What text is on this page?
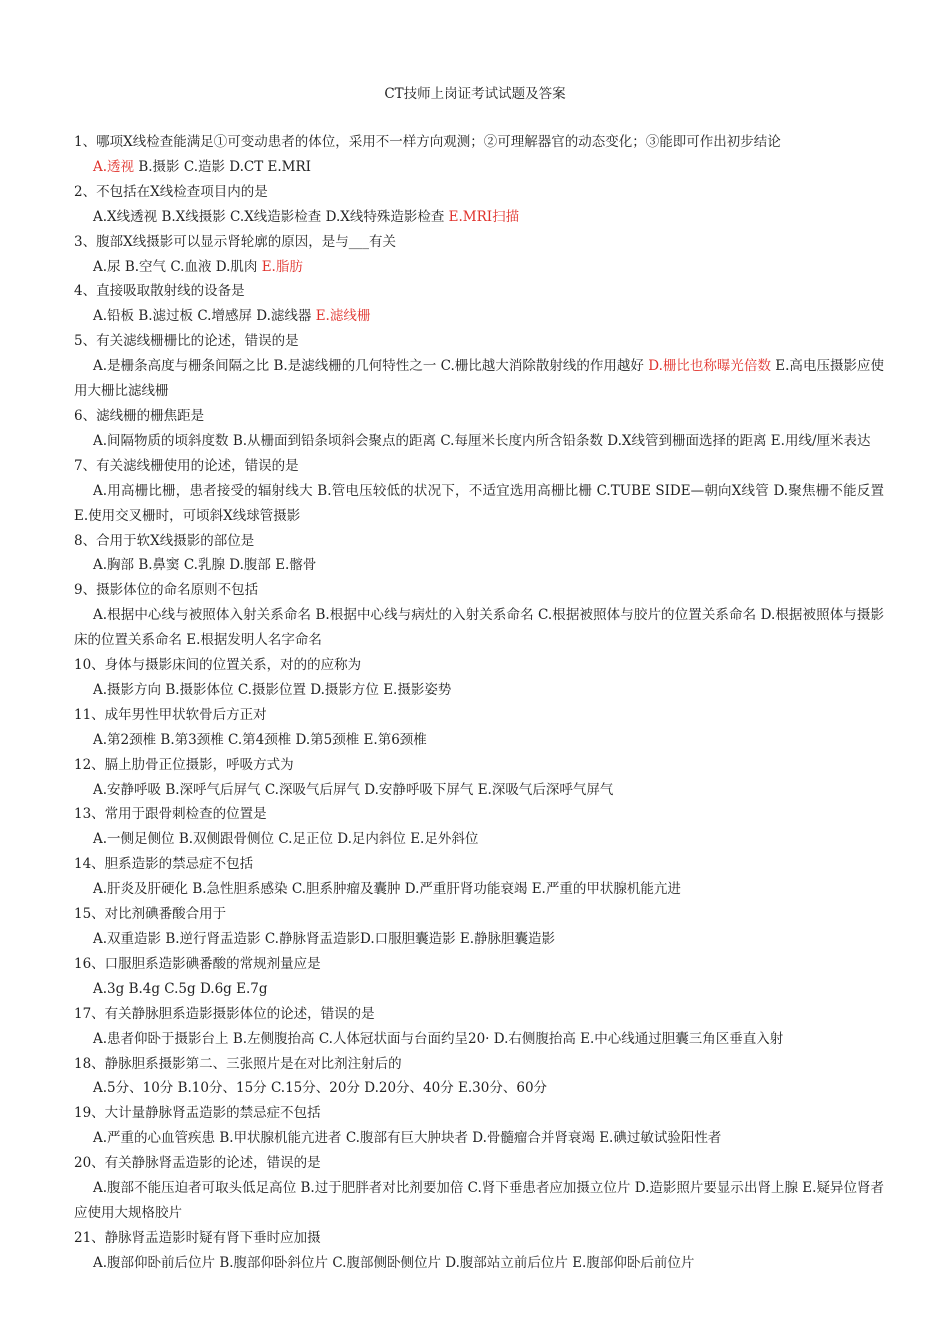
CT技师上岗证考试试题及答案
1、哪项X线检查能满足①可变动患者的体位，采用不一样方向观测；②可理解器官的动态变化；③能即可作出初步结论
A.透视 B.摄影 C.造影 D.CT E.MRI
2、不包括在X线检查项目内的是
A.X线透视 B.X线摄影 C.X线造影检查 D.X线特殊造影检查 E.MRI扫描
3、腹部X线摄影可以显示肾轮廓的原因，是与___有关
A.尿 B.空气 C.血液 D.肌肉 E.脂肪
4、直接吸取散射线的设备是
A.铅板 B.滤过板 C.增感屏 D.滤线器 E.滤线栅
5、有关滤线栅栅比的论述，错误的是
A.是栅条高度与栅条间隔之比 B.是滤线栅的几何特性之一 C.栅比越大消除散射线的作用越好 D.栅比也称曝光倍数 E.高电压摄影应使用大栅比滤线栅
6、滤线栅的栅焦距是
A.间隔物质的顷斜度数 B.从栅面到铅条顷斜会聚点的距离 C.每厘米长度内所含铅条数 D.X线管到栅面选择的距离 E.用线/厘米表达
7、有关滤线栅使用的论述，错误的是
A.用高栅比栅，患者接受的辐射线大 B.管电压较低的状况下，不适宜选用高栅比栅 C.TUBE SIDE—朝向X线管 D.聚焦栅不能反置 E.使用交叉栅时，可顷斜X线球管摄影
8、合用于软X线摄影的部位是
A.胸部 B.鼻窦 C.乳腺 D.腹部 E.髂骨
9、摄影体位的命名原则不包括
A.根据中心线与被照体入射关系命名 B.根据中心线与病灶的入射关系命名 C.根据被照体与胶片的位置关系命名 D.根据被照体与摄影床的位置关系命名 E.根据发明人名字命名
10、身体与摄影床间的位置关系，对的的应称为
A.摄影方向 B.摄影体位 C.摄影位置 D.摄影方位 E.摄影姿势
11、成年男性甲状软骨后方正对
A.第2颈椎 B.第3颈椎 C.第4颈椎 D.第5颈椎 E.第6颈椎
12、膈上肋骨正位摄影，呼吸方式为
A.安静呼吸 B.深呼气后屏气 C.深吸气后屏气 D.安静呼吸下屏气 E.深吸气后深呼气屏气
13、常用于跟骨刺检查的位置是
A.一侧足侧位 B.双侧跟骨侧位 C.足正位 D.足内斜位 E.足外斜位
14、胆系造影的禁忌症不包括
A.肝炎及肝硬化 B.急性胆系感染 C.胆系肿瘤及囊肿 D.严重肝肾功能衰竭 E.严重的甲状腺机能亢进
15、对比剂碘番酸合用于
A.双重造影 B.逆行肾盂造影 C.静脉肾盂造影D.口服胆囊造影 E.静脉胆囊造影
16、口服胆系造影碘番酸的常规剂量应是
A.3g B.4g C.5g D.6g E.7g
17、有关静脉胆系造影摄影体位的论述，错误的是
A.患者仰卧于摄影台上 B.左侧腹抬高 C.人体冠状面与台面约呈20· D.右侧腹抬高 E.中心线通过胆囊三角区垂直入射
18、静脉胆系摄影第二、三张照片是在对比剂注射后的
A.5分、10分 B.10分、15分 C.15分、20分 D.20分、40分 E.30分、60分
19、大计量静脉肾盂造影的禁忌症不包括
A.严重的心血管疾患 B.甲状腺机能亢进者 C.腹部有巨大肿块者 D.骨髓瘤合并肾衰竭 E.碘过敏试验阳性者
20、有关静脉肾盂造影的论述，错误的是
A.腹部不能压迫者可取头低足高位 B.过于肥胖者对比剂要加倍 C.肾下垂患者应加摄立位片 D.造影照片要显示出肾上腺 E.疑异位肾者应使用大规格胶片
21、静脉肾盂造影时疑有肾下垂时应加摄
A.腹部仰卧前后位片 B.腹部仰卧斜位片 C.腹部侧卧侧位片 D.腹部站立前后位片 E.腹部仰卧后前位片
